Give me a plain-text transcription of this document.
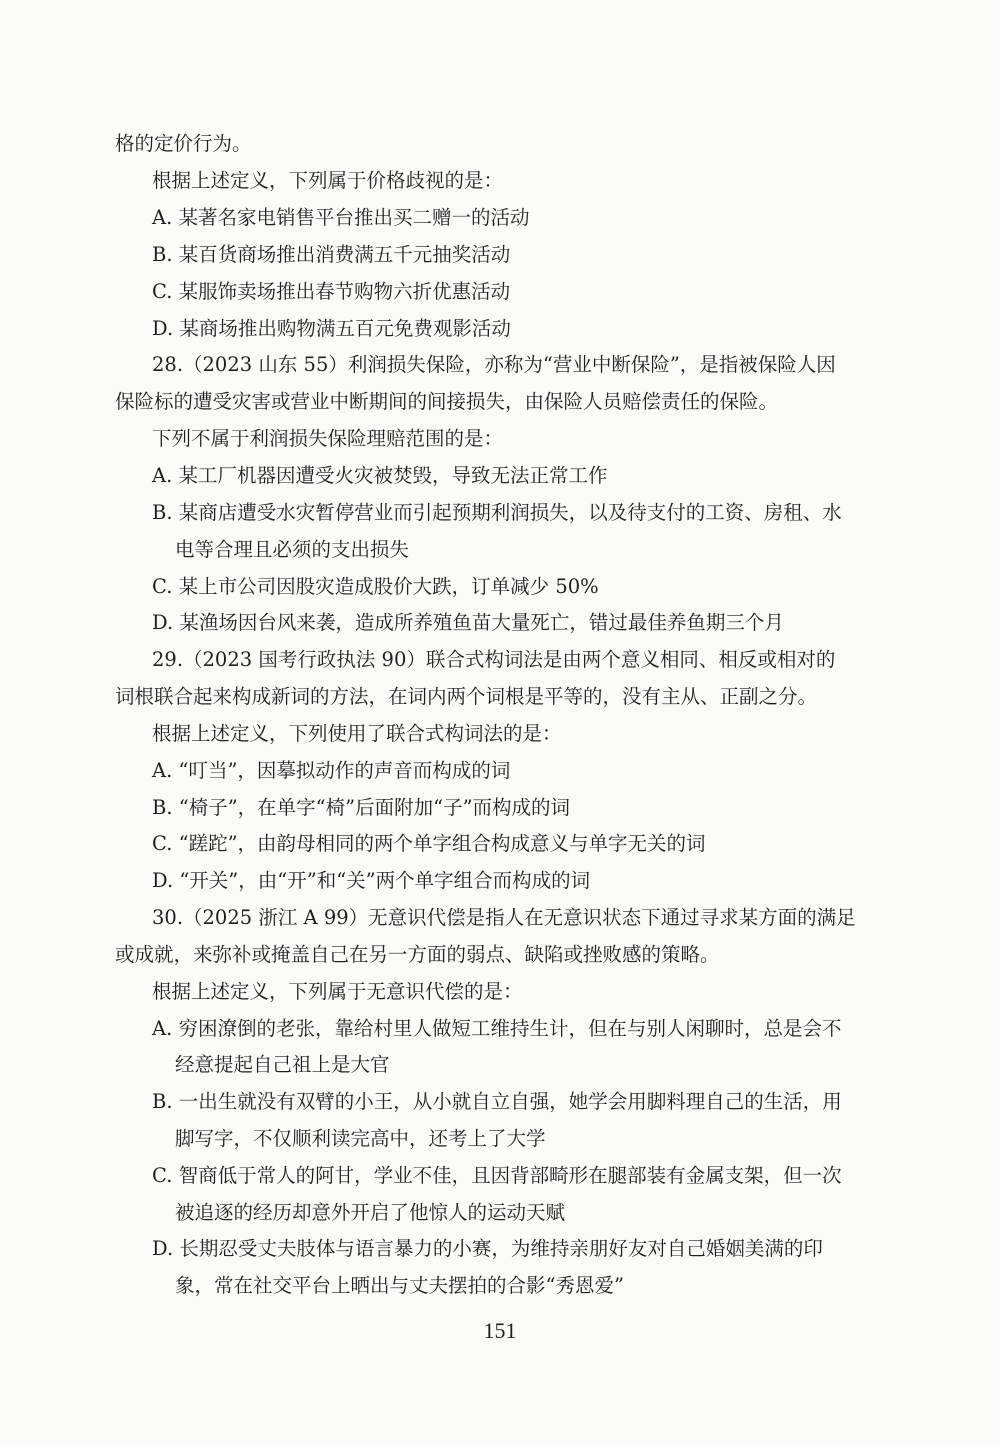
格的定价行为。
根据上述定义，下列属于价格歧视的是：
A. 某著名家电销售平台推出买二赠一的活动
B. 某百货商场推出消费满五千元抽奖活动
C. 某服饰卖场推出春节购物六折优惠活动
D. 某商场推出购物满五百元免费观影活动
28.（2023 山东 55）利润损失保险，亦称为“营业中断保险”，是指被保险人因
保险标的遭受灾害或营业中断期间的间接损失，由保险人员赔偿责任的保险。
下列不属于利润损失保险理赔范围的是：
A. 某工厂机器因遭受火灾被焚毁，导致无法正常工作
B. 某商店遭受水灾暂停营业而引起预期利润损失，以及待支付的工资、房租、水
电等合理且必须的支出损失
C. 某上市公司因股灾造成股价大跌，订单减少 50%
D. 某渔场因台风来袭，造成所养殖鱼苗大量死亡，错过最佳养鱼期三个月
29.（2023 国考行政执法 90）联合式构词法是由两个意义相同、相反或相对的
词根联合起来构成新词的方法，在词内两个词根是平等的，没有主从、正副之分。
根据上述定义，下列使用了联合式构词法的是：
A. “叮当”，因摹拟动作的声音而构成的词
B. “椅子”，在单字“椅”后面附加“子”而构成的词
C. “蹉跎”，由韵母相同的两个单字组合构成意义与单字无关的词
D. “开关”，由“开”和“关”两个单字组合而构成的词
30.（2025 浙江 A 99）无意识代偿是指人在无意识状态下通过寻求某方面的满足
或成就，来弥补或掩盖自己在另一方面的弱点、缺陷或挫败感的策略。
根据上述定义，下列属于无意识代偿的是：
A. 穷困潦倒的老张，靠给村里人做短工维持生计，但在与别人闲聊时，总是会不
经意提起自己祖上是大官
B. 一出生就没有双臂的小王，从小就自立自强，她学会用脚料理自己的生活，用
脚写字，不仅顺利读完高中，还考上了大学
C. 智商低于常人的阿甘，学业不佳，且因背部畸形在腿部装有金属支架，但一次
被追逐的经历却意外开启了他惊人的运动天赋
D. 长期忍受丈夫肢体与语言暴力的小赛，为维持亲朋好友对自己婚姻美满的印
象，常在社交平台上晒出与丈夫摆拍的合影“秀恩爱”
151
